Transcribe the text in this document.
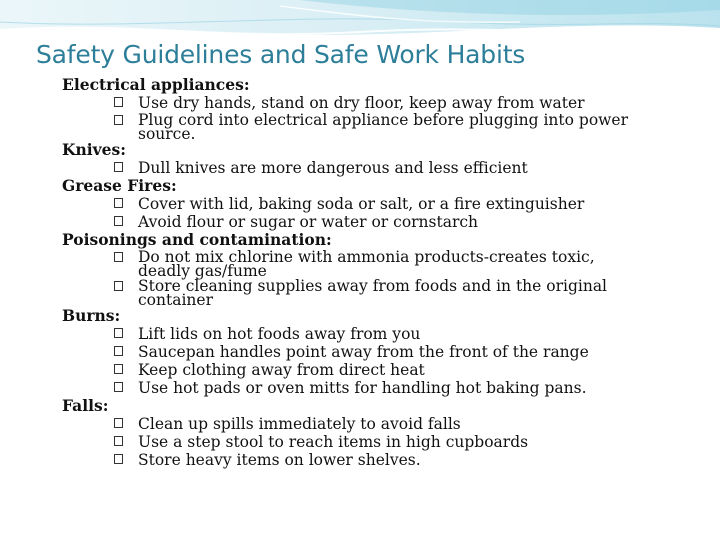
Safety Guidelines and Safe Work Habits
Electrical appliances:
Use dry hands, stand on dry floor, keep away from water
Plug cord into electrical appliance before plugging into power
source.
Knives:
Dull knives are more dangerous and less efficient
Grease Fires:
Cover with lid, baking soda or salt, or a fire extinguisher
Avoid flour or sugar or water or cornstarch
Poisonings and contamination:
Do not mix chlorine with ammonia products-creates toxic,
deadly gas/fume
Store cleaning supplies away from foods and in the original
container
Burns:
Lift lids on hot foods away from you
Saucepan handles point away from the front of the range
Keep clothing away from direct heat
Use hot pads or oven mitts for handling hot baking pans.
Falls:
Clean up spills immediately to avoid falls
Use a step stool to reach items in high cupboards
Store heavy items on lower shelves.
